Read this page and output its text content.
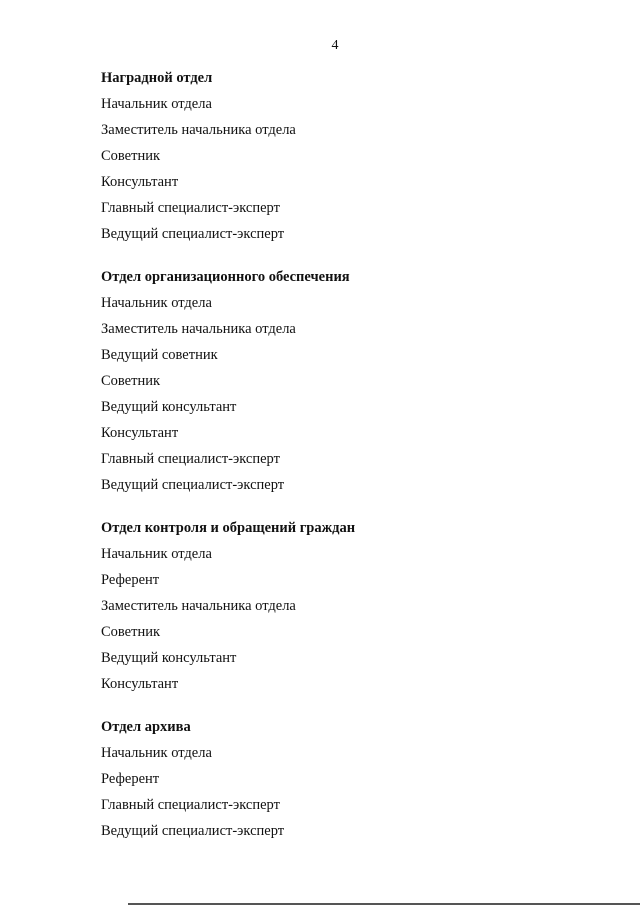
4
Наградной отдел
Начальник отдела
Заместитель начальника отдела
Советник
Консультант
Главный специалист-эксперт
Ведущий специалист-эксперт
Отдел организационного обеспечения
Начальник отдела
Заместитель начальника отдела
Ведущий советник
Советник
Ведущий консультант
Консультант
Главный специалист-эксперт
Ведущий специалист-эксперт
Отдел контроля и обращений граждан
Начальник отдела
Референт
Заместитель начальника отдела
Советник
Ведущий консультант
Консультант
Отдел архива
Начальник отдела
Референт
Главный специалист-эксперт
Ведущий специалист-эксперт
